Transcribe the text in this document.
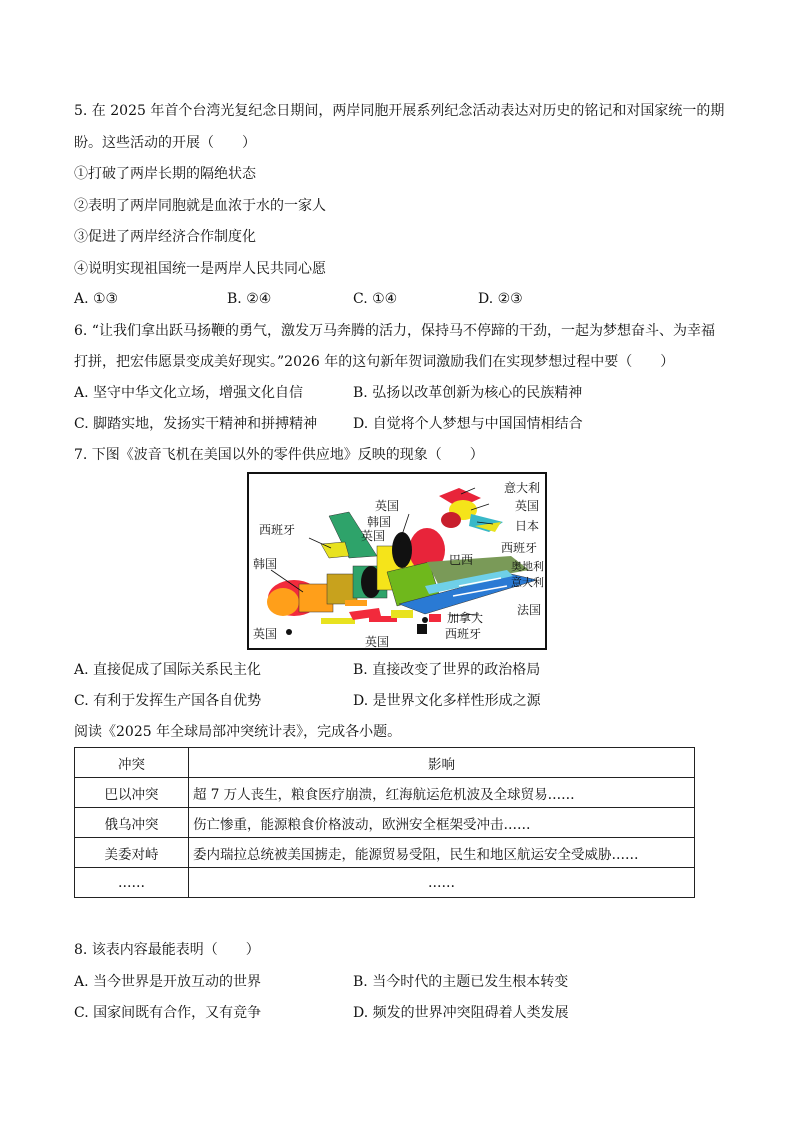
5. 在 2025 年首个台湾光复纪念日期间，两岸同胞开展系列纪念活动表达对历史的铭记和对国家统一的期
盼。这些活动的开展（　　）
①打破了两岸长期的隔绝状态
②表明了两岸同胞就是血浓于水的一家人
③促进了两岸经济合作制度化
④说明实现祖国统一是两岸人民共同心愿
A. ①③	B. ②④	C. ①④	D. ②③
6. “让我们拿出跃马扬鞭的勇气，激发万马奔腾的活力，保持马不停蹄的干劲，一起为梦想奋斗、为幸福
打拼，把宏伟愿景变成美好现实。”2026 年的这句新年贺词激励我们在实现梦想过程中要（　　）
A. 坚守中华文化立场，增强文化自信	B. 弘扬以改革创新为核心的民族精神
C. 脚踏实地，发扬实干精神和拼搏精神	D. 自觉将个人梦想与中国国情相结合
7. 下图《波音飞机在美国以外的零件供应地》反映的现象（　　）
意大利
英国
日本
西班牙
英国
韩国
英国
西班牙
韩国	巴西	奥地利
意大利
法国
加拿大
西班牙
英国
英国
A. 直接促成了国际关系民主化	B. 直接改变了世界的政治格局
C. 有利于发挥生产国各自优势	D. 是世界文化多样性形成之源
阅读《2025 年全球局部冲突统计表》，完成各小题。
冲突	影响
巴以冲突	超 7 万人丧生，粮食医疗崩溃，红海航运危机波及全球贸易……
俄乌冲突	伤亡惨重，能源粮食价格波动，欧洲安全框架受冲击……
美委对峙	委内瑞拉总统被美国掳走，能源贸易受阻，民生和地区航运安全受威胁……
……	……
8. 该表内容最能表明（　　）
A. 当今世界是开放互动的世界	B. 当今时代的主题已发生根本转变
C. 国家间既有合作，又有竞争	D. 频发的世界冲突阻碍着人类发展
